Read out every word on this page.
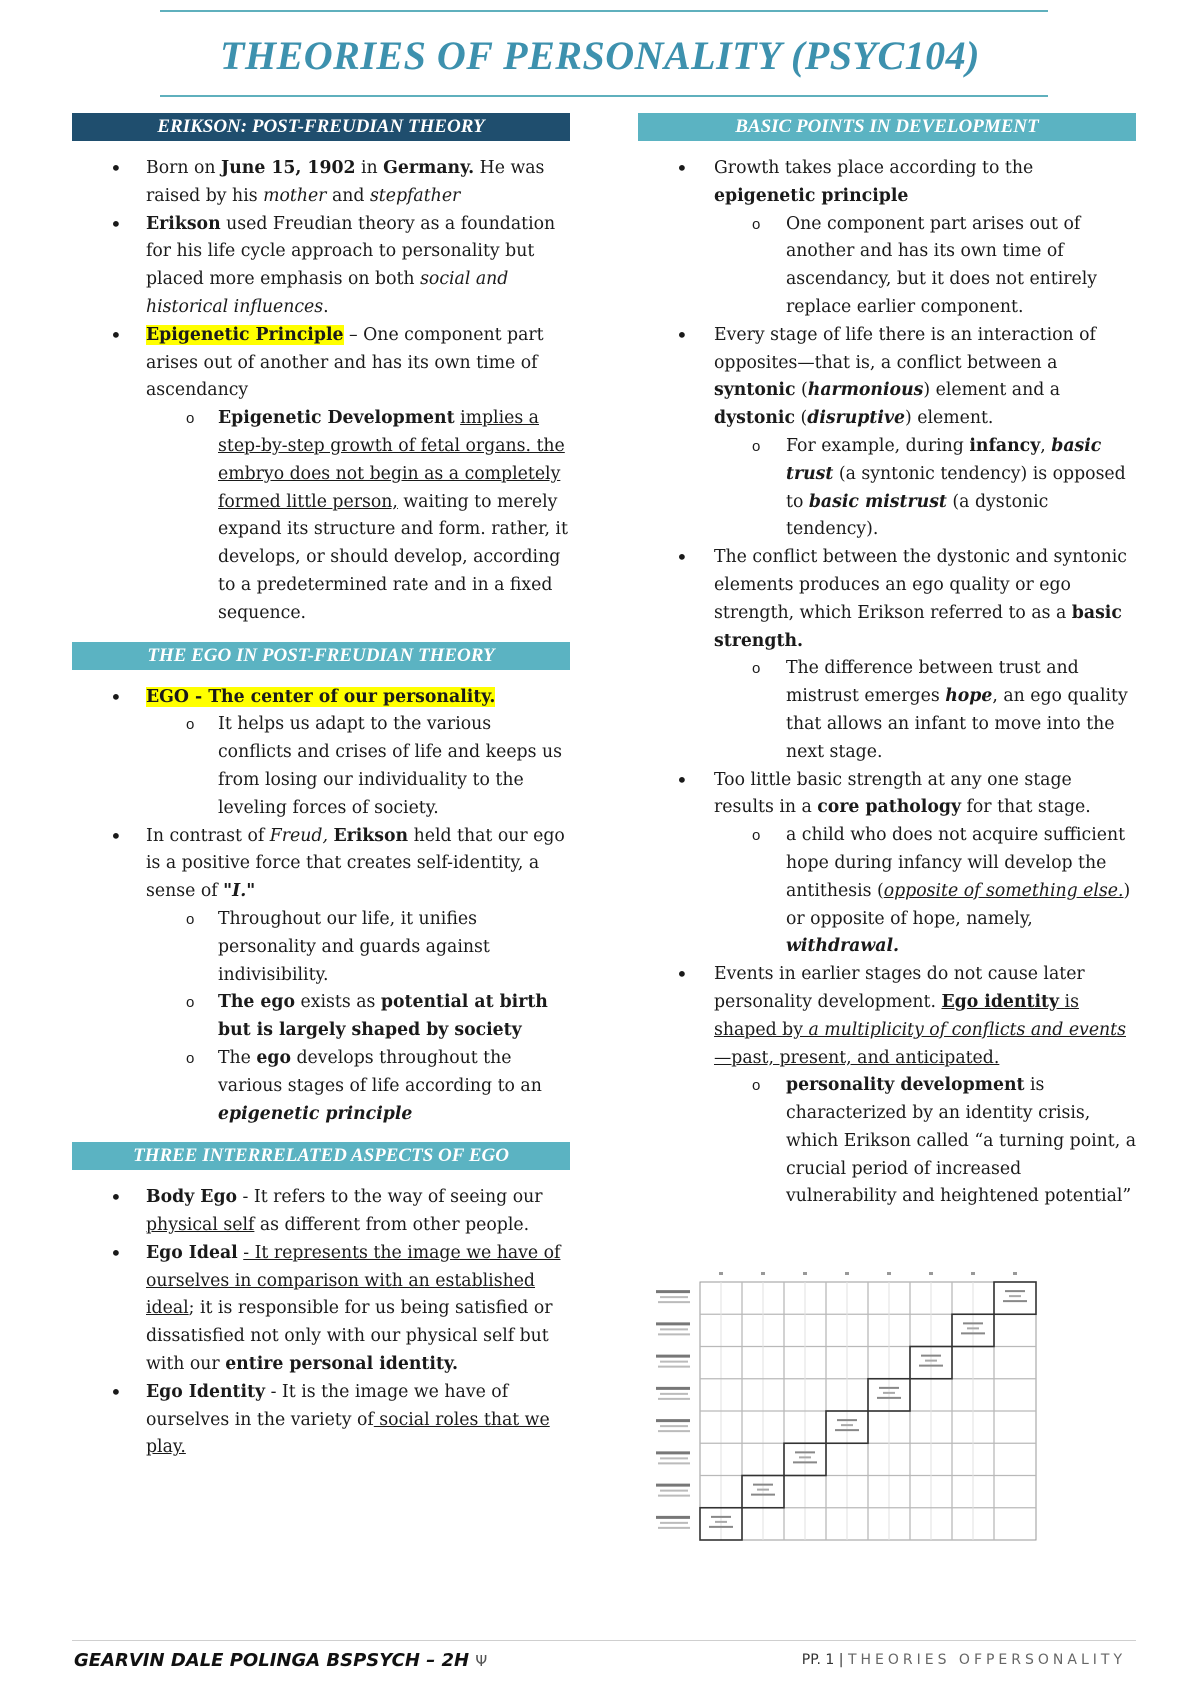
THEORIES OF PERSONALITY (PSYC104)
ERIKSON: POST-FREUDIAN THEORY
• Born on June 15, 1902 in Germany. He was raised by his mother and stepfather
• Erikson used Freudian theory as a foundation for his life cycle approach to personality but placed more emphasis on both social and historical influences.
• Epigenetic Principle – One component part arises out of another and has its own time of ascendancy
o Epigenetic Development implies a step-by-step growth of fetal organs. the embryo does not begin as a completely formed little person, waiting to merely expand its structure and form. rather, it develops, or should develop, according to a predetermined rate and in a fixed sequence.
THE EGO IN POST-FREUDIAN THEORY
• EGO - The center of our personality.
o It helps us adapt to the various conflicts and crises of life and keeps us from losing our individuality to the leveling forces of society.
• In contrast of Freud, Erikson held that our ego is a positive force that creates self-identity, a sense of "I."
o Throughout our life, it unifies personality and guards against indivisibility.
o The ego exists as potential at birth but is largely shaped by society
o The ego develops throughout the various stages of life according to an epigenetic principle
THREE INTERRELATED ASPECTS OF EGO
• Body Ego - It refers to the way of seeing our physical self as different from other people.
• Ego Ideal - It represents the image we have of ourselves in comparison with an established ideal; it is responsible for us being satisfied or dissatisfied not only with our physical self but with our entire personal identity.
• Ego Identity - It is the image we have of ourselves in the variety of social roles that we play.
BASIC POINTS IN DEVELOPMENT
• Growth takes place according to the epigenetic principle
o One component part arises out of another and has its own time of ascendancy, but it does not entirely replace earlier component.
• Every stage of life there is an interaction of opposites—that is, a conflict between a syntonic (harmonious) element and a dystonic (disruptive) element.
o For example, during infancy, basic trust (a syntonic tendency) is opposed to basic mistrust (a dystonic tendency).
• The conflict between the dystonic and syntonic elements produces an ego quality or ego strength, which Erikson referred to as a basic strength.
o The difference between trust and mistrust emerges hope, an ego quality that allows an infant to move into the next stage.
• Too little basic strength at any one stage results in a core pathology for that stage.
o a child who does not acquire sufficient hope during infancy will develop the antithesis (opposite of something else.) or opposite of hope, namely, withdrawal.
• Events in earlier stages do not cause later personality development. Ego identity is shaped by a multiplicity of conflicts and events —past, present, and anticipated.
o personality development is characterized by an identity crisis, which Erikson called “a turning point, a crucial period of increased vulnerability and heightened potential”
GEARVIN DALE POLINGA BSPSYCH – 2H Ψ	PP. 1 | THEORIES OFPERSONALITY
